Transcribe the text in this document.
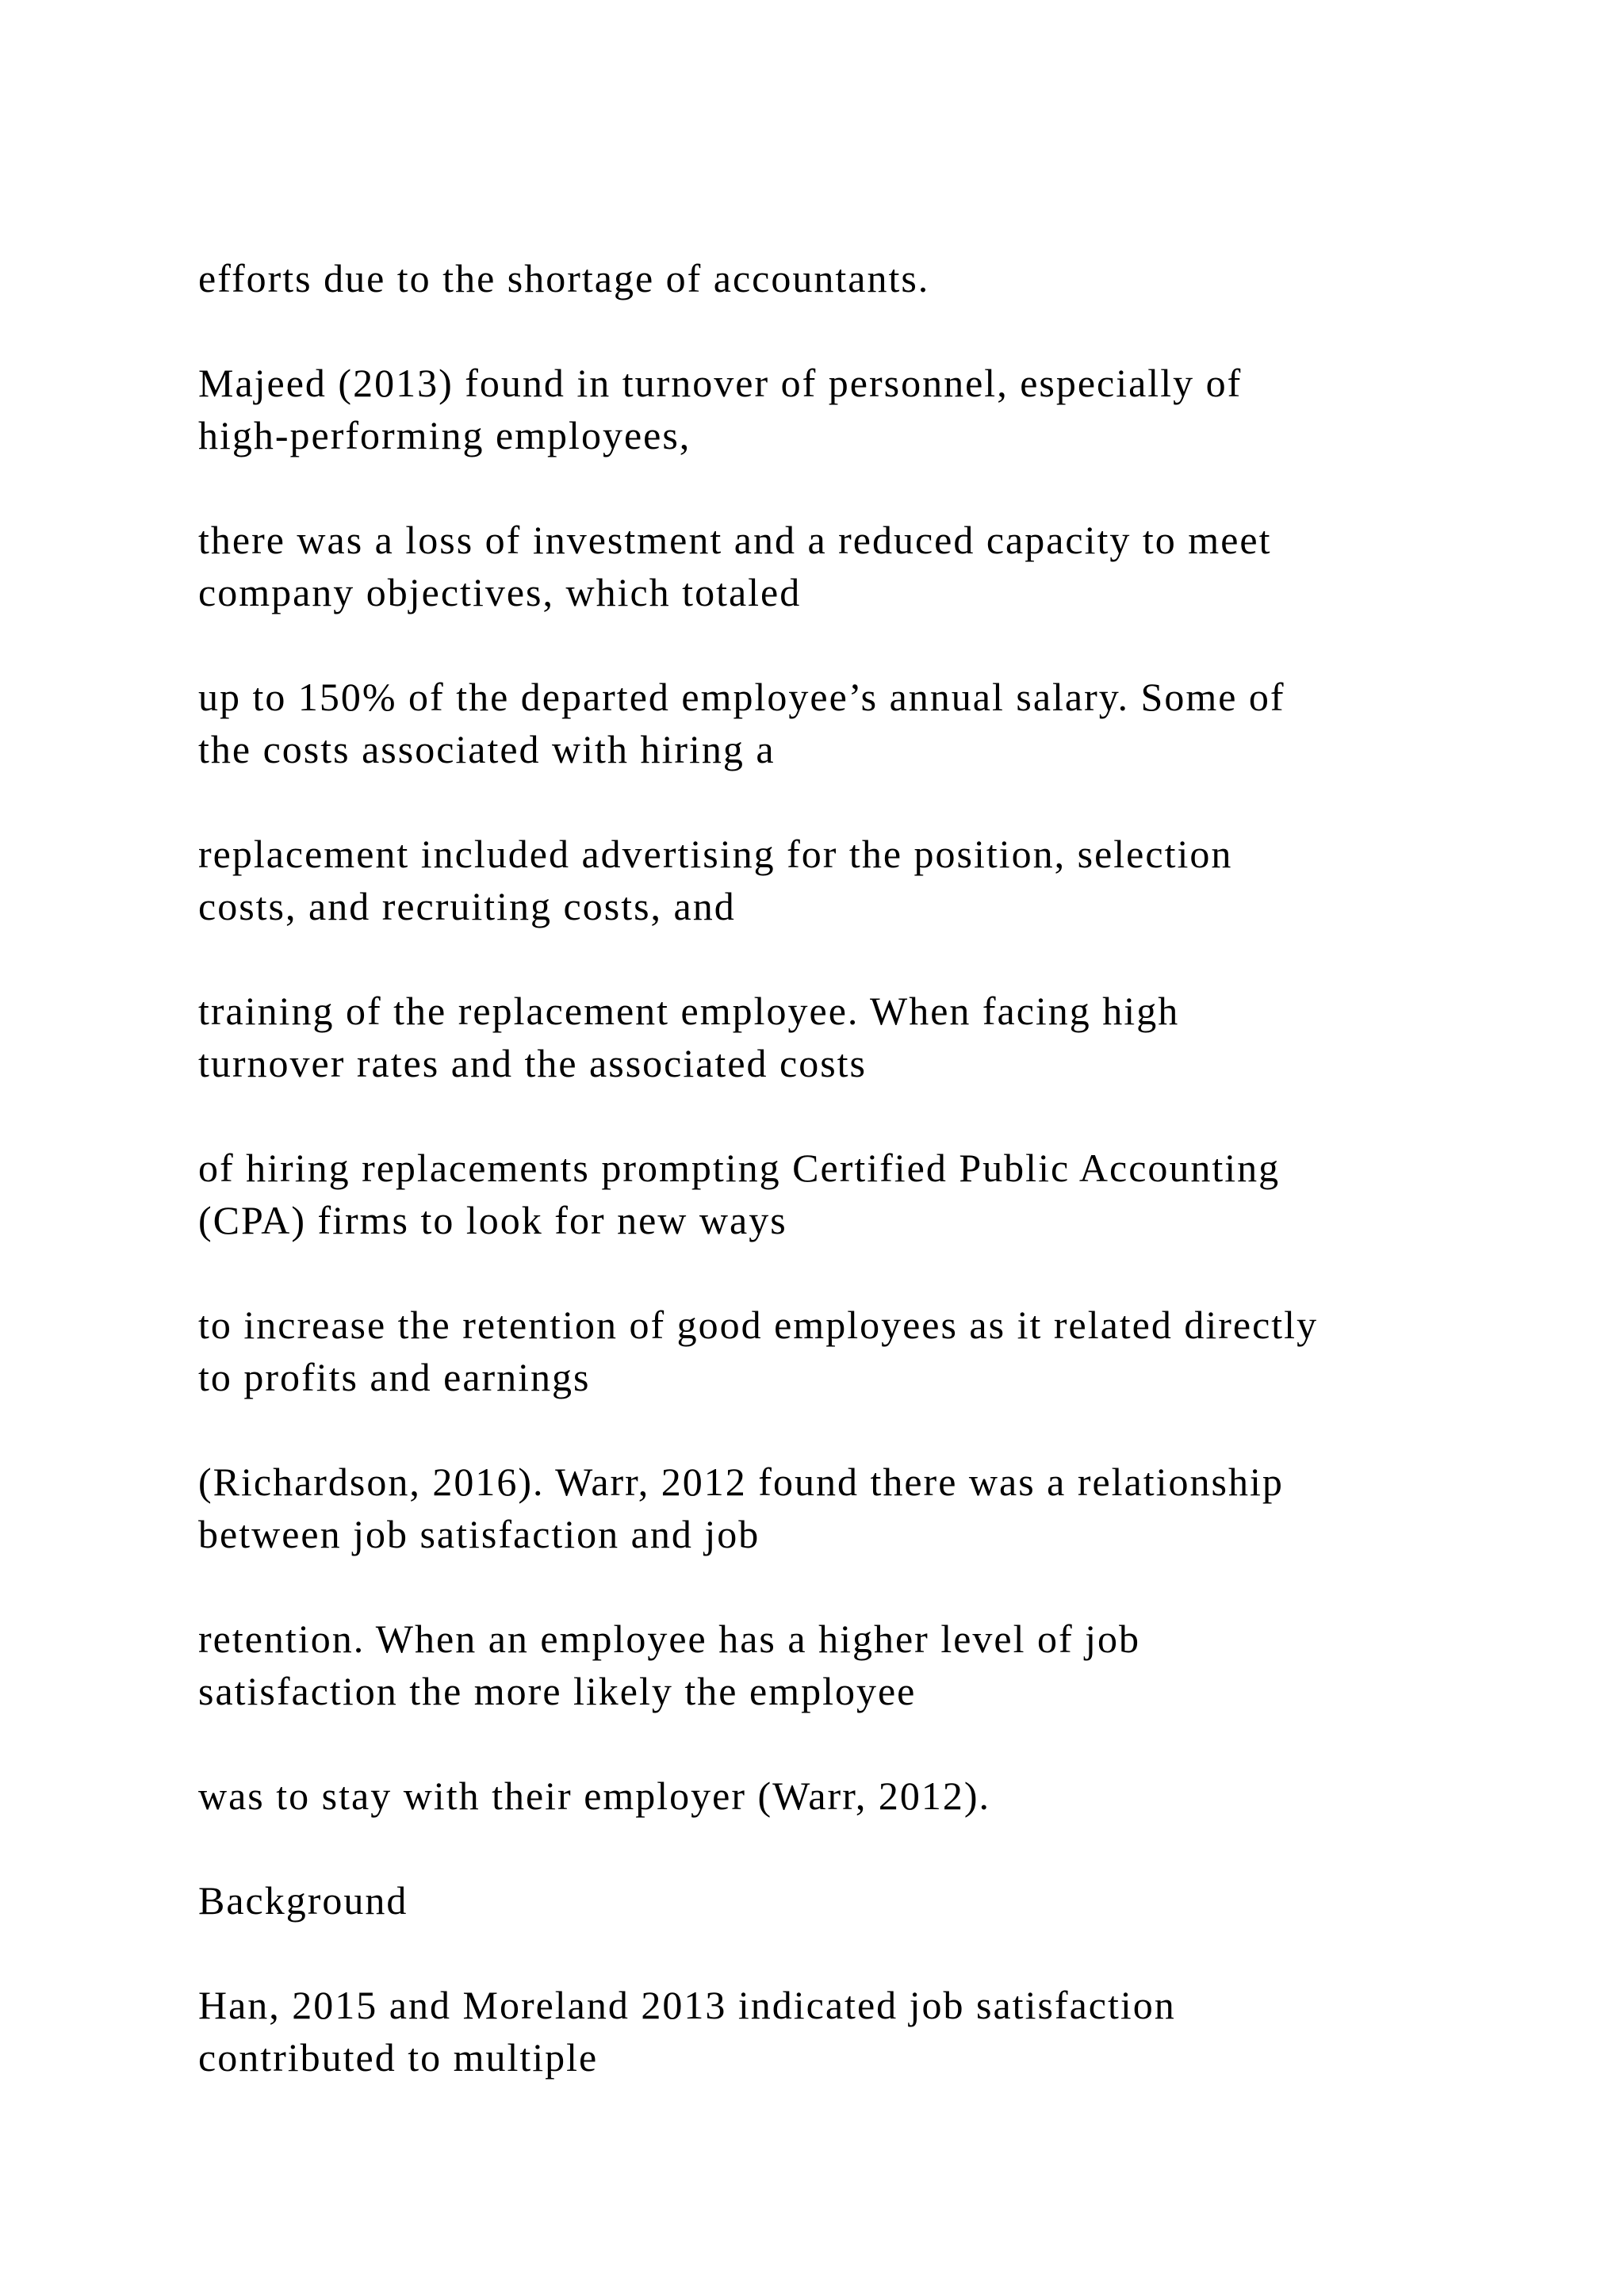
efforts due to the shortage of accountants.

Majeed (2013) found in turnover of personnel, especially of
high-performing employees,

there was a loss of investment and a reduced capacity to meet
company objectives, which totaled

up to 150% of the departed employee’s annual salary. Some of
the costs associated with hiring a

replacement included advertising for the position, selection
costs, and recruiting costs, and

training of the replacement employee. When facing high
turnover rates and the associated costs

of hiring replacements prompting Certified Public Accounting
(CPA) firms to look for new ways

to increase the retention of good employees as it related directly
to profits and earnings

(Richardson, 2016). Warr, 2012 found there was a relationship
between job satisfaction and job

retention. When an employee has a higher level of job
satisfaction the more likely the employee

was to stay with their employer (Warr, 2012).

Background

Han, 2015 and Moreland 2013 indicated job satisfaction
contributed to multiple
